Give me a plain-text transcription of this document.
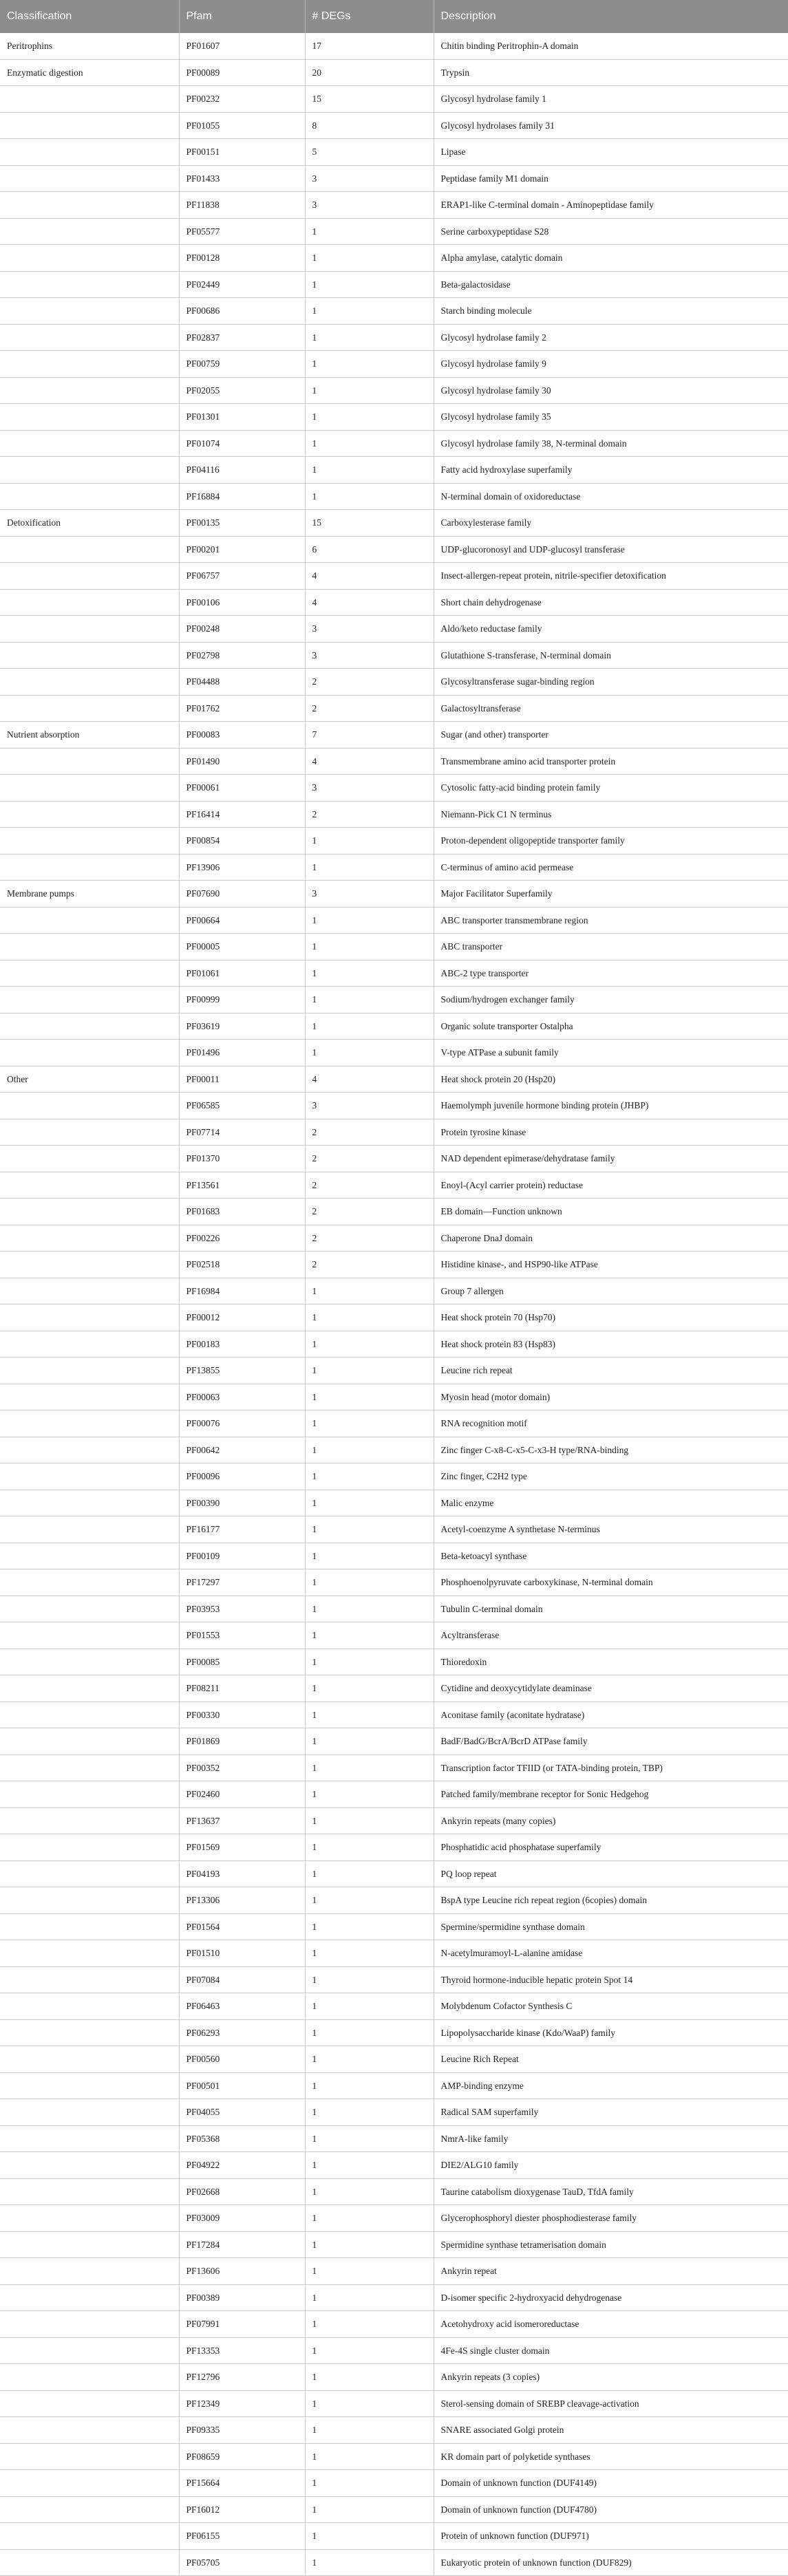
Classification	Pfam	# DEGs	Description
Peritrophins	PF01607	17	Chitin binding Peritrophin-A domain
Enzymatic digestion	PF00089	20	Trypsin
	PF00232	15	Glycosyl hydrolase family 1
	PF01055	8	Glycosyl hydrolases family 31
	PF00151	5	Lipase
	PF01433	3	Peptidase family M1 domain
	PF11838	3	ERAP1-like C-terminal domain - Aminopeptidase family
	PF05577	1	Serine carboxypeptidase S28
	PF00128	1	Alpha amylase, catalytic domain
	PF02449	1	Beta-galactosidase
	PF00686	1	Starch binding molecule
	PF02837	1	Glycosyl hydrolase family 2
	PF00759	1	Glycosyl hydrolase family 9
	PF02055	1	Glycosyl hydrolase family 30
	PF01301	1	Glycosyl hydrolase family 35
	PF01074	1	Glycosyl hydrolase family 38, N-terminal domain
	PF04116	1	Fatty acid hydroxylase superfamily
	PF16884	1	N-terminal domain of oxidoreductase
Detoxification	PF00135	15	Carboxylesterase family
	PF00201	6	UDP-glucoronosyl and UDP-glucosyl transferase
	PF06757	4	Insect-allergen-repeat protein, nitrile-specifier detoxification
	PF00106	4	Short chain dehydrogenase
	PF00248	3	Aldo/keto reductase family
	PF02798	3	Glutathione S-transferase, N-terminal domain
	PF04488	2	Glycosyltransferase sugar-binding region
	PF01762	2	Galactosyltransferase
Nutrient absorption	PF00083	7	Sugar (and other) transporter
	PF01490	4	Transmembrane amino acid transporter protein
	PF00061	3	Cytosolic fatty-acid binding protein family
	PF16414	2	Niemann-Pick C1 N terminus
	PF00854	1	Proton-dependent oligopeptide transporter family
	PF13906	1	C-terminus of amino acid permease
Membrane pumps	PF07690	3	Major Facilitator Superfamily
	PF00664	1	ABC transporter transmembrane region
	PF00005	1	ABC transporter
	PF01061	1	ABC-2 type transporter
	PF00999	1	Sodium/hydrogen exchanger family
	PF03619	1	Organic solute transporter Ostalpha
	PF01496	1	V-type ATPase a subunit family
Other	PF00011	4	Heat shock protein 20 (Hsp20)
	PF06585	3	Haemolymph juvenile hormone binding protein (JHBP)
	PF07714	2	Protein tyrosine kinase
	PF01370	2	NAD dependent epimerase/dehydratase family
	PF13561	2	Enoyl-(Acyl carrier protein) reductase
	PF01683	2	EB domain—Function unknown
	PF00226	2	Chaperone DnaJ domain
	PF02518	2	Histidine kinase-, and HSP90-like ATPase
	PF16984	1	Group 7 allergen
	PF00012	1	Heat shock protein 70 (Hsp70)
	PF00183	1	Heat shock protein 83 (Hsp83)
	PF13855	1	Leucine rich repeat
	PF00063	1	Myosin head (motor domain)
	PF00076	1	RNA recognition motif
	PF00642	1	Zinc finger C-x8-C-x5-C-x3-H type/RNA-binding
	PF00096	1	Zinc finger, C2H2 type
	PF00390	1	Malic enzyme
	PF16177	1	Acetyl-coenzyme A synthetase N-terminus
	PF00109	1	Beta-ketoacyl synthase
	PF17297	1	Phosphoenolpyruvate carboxykinase, N-terminal domain
	PF03953	1	Tubulin C-terminal domain
	PF01553	1	Acyltransferase
	PF00085	1	Thioredoxin
	PF08211	1	Cytidine and deoxycytidylate deaminase
	PF00330	1	Aconitase family (aconitate hydratase)
	PF01869	1	BadF/BadG/BcrA/BcrD ATPase family
	PF00352	1	Transcription factor TFIID (or TATA-binding protein, TBP)
	PF02460	1	Patched family/membrane receptor for Sonic Hedgehog
	PF13637	1	Ankyrin repeats (many copies)
	PF01569	1	Phosphatidic acid phosphatase superfamily
	PF04193	1	PQ loop repeat
	PF13306	1	BspA type Leucine rich repeat region (6copies) domain
	PF01564	1	Spermine/spermidine synthase domain
	PF01510	1	N-acetylmuramoyl-L-alanine amidase
	PF07084	1	Thyroid hormone-inducible hepatic protein Spot 14
	PF06463	1	Molybdenum Cofactor Synthesis C
	PF06293	1	Lipopolysaccharide kinase (Kdo/WaaP) family
	PF00560	1	Leucine Rich Repeat
	PF00501	1	AMP-binding enzyme
	PF04055	1	Radical SAM superfamily
	PF05368	1	NmrA-like family
	PF04922	1	DIE2/ALG10 family
	PF02668	1	Taurine catabolism dioxygenase TauD, TfdA family
	PF03009	1	Glycerophosphoryl diester phosphodiesterase family
	PF17284	1	Spermidine synthase tetramerisation domain
	PF13606	1	Ankyrin repeat
	PF00389	1	D-isomer specific 2-hydroxyacid dehydrogenase
	PF07991	1	Acetohydroxy acid isomeroreductase
	PF13353	1	4Fe-4S single cluster domain
	PF12796	1	Ankyrin repeats (3 copies)
	PF12349	1	Sterol-sensing domain of SREBP cleavage-activation
	PF09335	1	SNARE associated Golgi protein
	PF08659	1	KR domain part of polyketide synthases
	PF15664	1	Domain of unknown function (DUF4149)
	PF16012	1	Domain of unknown function (DUF4780)
	PF06155	1	Protein of unknown function (DUF971)
	PF05705	1	Eukaryotic protein of unknown function (DUF829)
